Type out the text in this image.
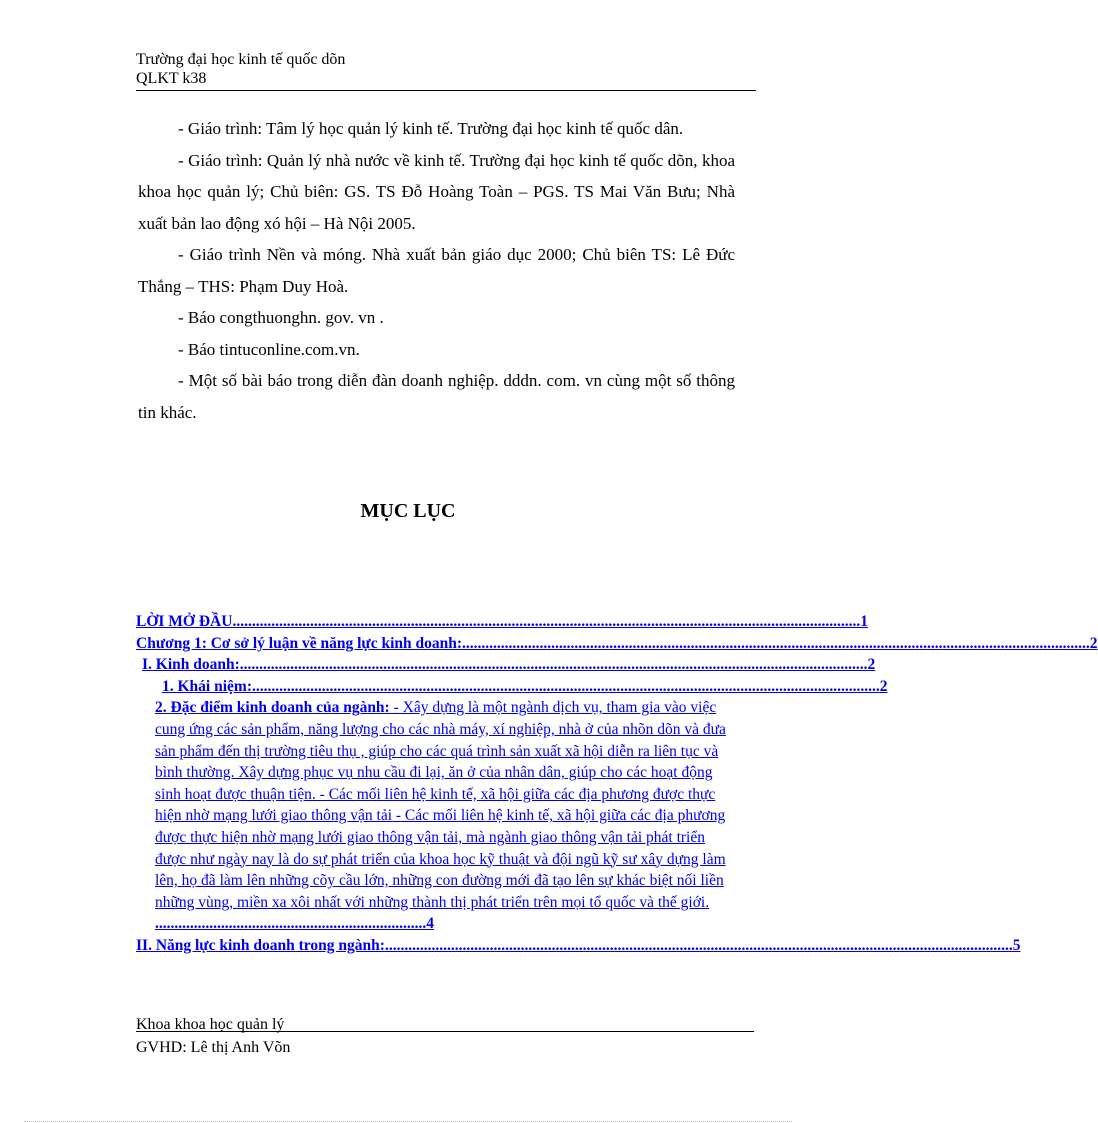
Trường đại học kinh tế quốc dõn
QLKT k38

- Giáo trình: Tâm lý học quản lý kinh tế. Trường đại học kinh tế quốc dân.

- Giáo trình: Quản lý nhà nước về kinh tế. Trường đại học kinh tế quốc dõn, khoa khoa học quản lý; Chủ biên: GS. TS Đỗ Hoàng Toàn – PGS. TS Mai Văn Bưu; Nhà xuất bản lao động xó hội – Hà Nội 2005.

- Giáo trình Nền và móng. Nhà xuất bản giáo dục 2000; Chủ biên TS: Lê Đức Thắng – THS: Phạm Duy Hoà.

- Báo congthuonghn. gov. vn .

- Báo tintuconline.com.vn.

- Một số bài báo trong diễn đàn doanh nghiệp. dddn. com. vn cùng một số thông tin khác.

MỤC LỤC
LỜI MỞ ĐẦU .................................................................................................................................................................. 1
Chương 1: Cơ sở lý luận về năng lực kinh doanh: .................................................................................................................................................................. 2
I. Kinh doanh: .................................................................................................................................................................. 2
1. Khái niệm: .................................................................................................................................................................. 2
2. Đặc điểm kinh doanh của ngành: - Xây dựng là một ngành dịch vụ, tham gia vào việc cung ứng các sản phẩm, năng lượng cho các nhà máy, xí nghiệp, nhà ở của nhõn dõn và đưa sản phẩm đến thị trường tiêu thụ , giúp cho các quá trình sản xuất xã hội diễn ra liên tục và bình thường. Xây dựng phục vụ nhu cầu đi lại, ăn ở của nhân dân, giúp cho các hoạt động sinh hoạt được thuận tiện. - Các mối liên hệ kinh tế, xã hội giữa các địa phương được thực hiện nhờ mạng lưới giao thông vận tải - Các mối liên hệ kinh tế, xã hội giữa các địa phương được thực hiện nhờ mạng lưới giao thông vận tải, mà ngành giao thông vận tải phát triển được như ngày nay là do sự phát triển của khoa học kỹ thuật và đội ngũ kỹ sư xây dựng làm lên, họ đã làm lên những cõy cầu lớn, những con đường mới đã tạo lên sự khác biệt nối liền những vùng, miền xa xôi nhất với những thành thị phát triển trên mọi tổ quốc và thế giới. ......................................................................4
II. Năng lực kinh doanh trong ngành: .................................................................................................................................................................. 5
Khoa khoa học quản lý
GVHD: Lê thị Anh Võn
